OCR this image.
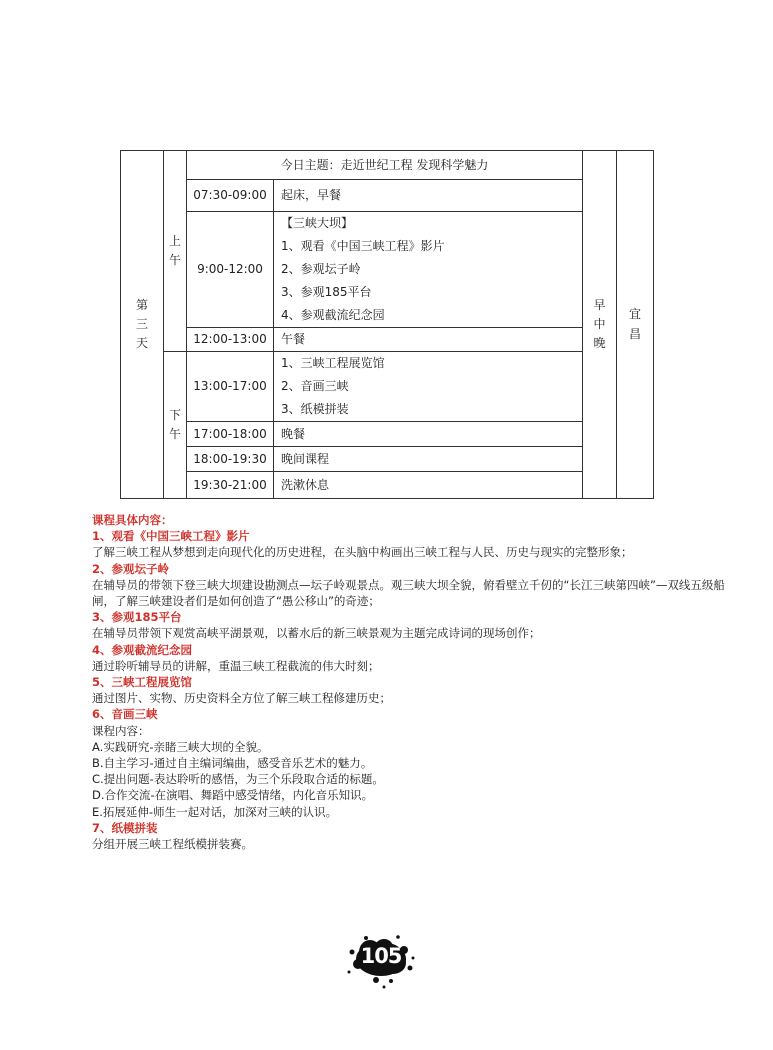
第三天	上午	今日主题：走近世纪工程 发现科学魅力		早中晚	宜昌

		07:30-09:00	起床，早餐		

		9:00-12:00	【三峡大坝】
1、观看《中国三峡工程》影片
2、参观坛子岭
3、参观185平台
4、参观截流纪念园		

		12:00-13:00	午餐		

	下午	13:00-17:00	1、三峡工程展览馆
2、音画三峡
3、纸模拼装		

		17:00-18:00	晚餐		

		18:00-19:30	晚间课程		

		19:30-21:00	洗漱休息		

课程具体内容：

1、观看《中国三峡工程》影片

了解三峡工程从梦想到走向现代化的历史进程，在头脑中构画出三峡工程与人民、历史与现实的完整形象；

2、参观坛子岭

在辅导员的带领下登三峡大坝建设勘测点—坛子岭观景点。观三峡大坝全貌，俯看壁立千仞的“长江三峡第四峡”—双线五级船闸，了解三峡建设者们是如何创造了“愚公移山”的奇迹；

3、参观185平台

在辅导员带领下观赏高峡平湖景观，以蓄水后的新三峡景观为主题完成诗词的现场创作；

4、参观截流纪念园

通过聆听辅导员的讲解，重温三峡工程截流的伟大时刻；

5、三峡工程展览馆

通过图片、实物、历史资料全方位了解三峡工程修建历史；

6、音画三峡

课程内容：

A.实践研究-亲睹三峡大坝的全貌。

B.自主学习-通过自主编词编曲，感受音乐艺术的魅力。

C.提出问题-表达聆听的感悟，为三个乐段取合适的标题。

D.合作交流-在演唱、舞蹈中感受情绪，内化音乐知识。

E.拓展延伸-师生一起对话，加深对三峡的认识。

7、纸模拼装

分组开展三峡工程纸模拼装赛。

105
